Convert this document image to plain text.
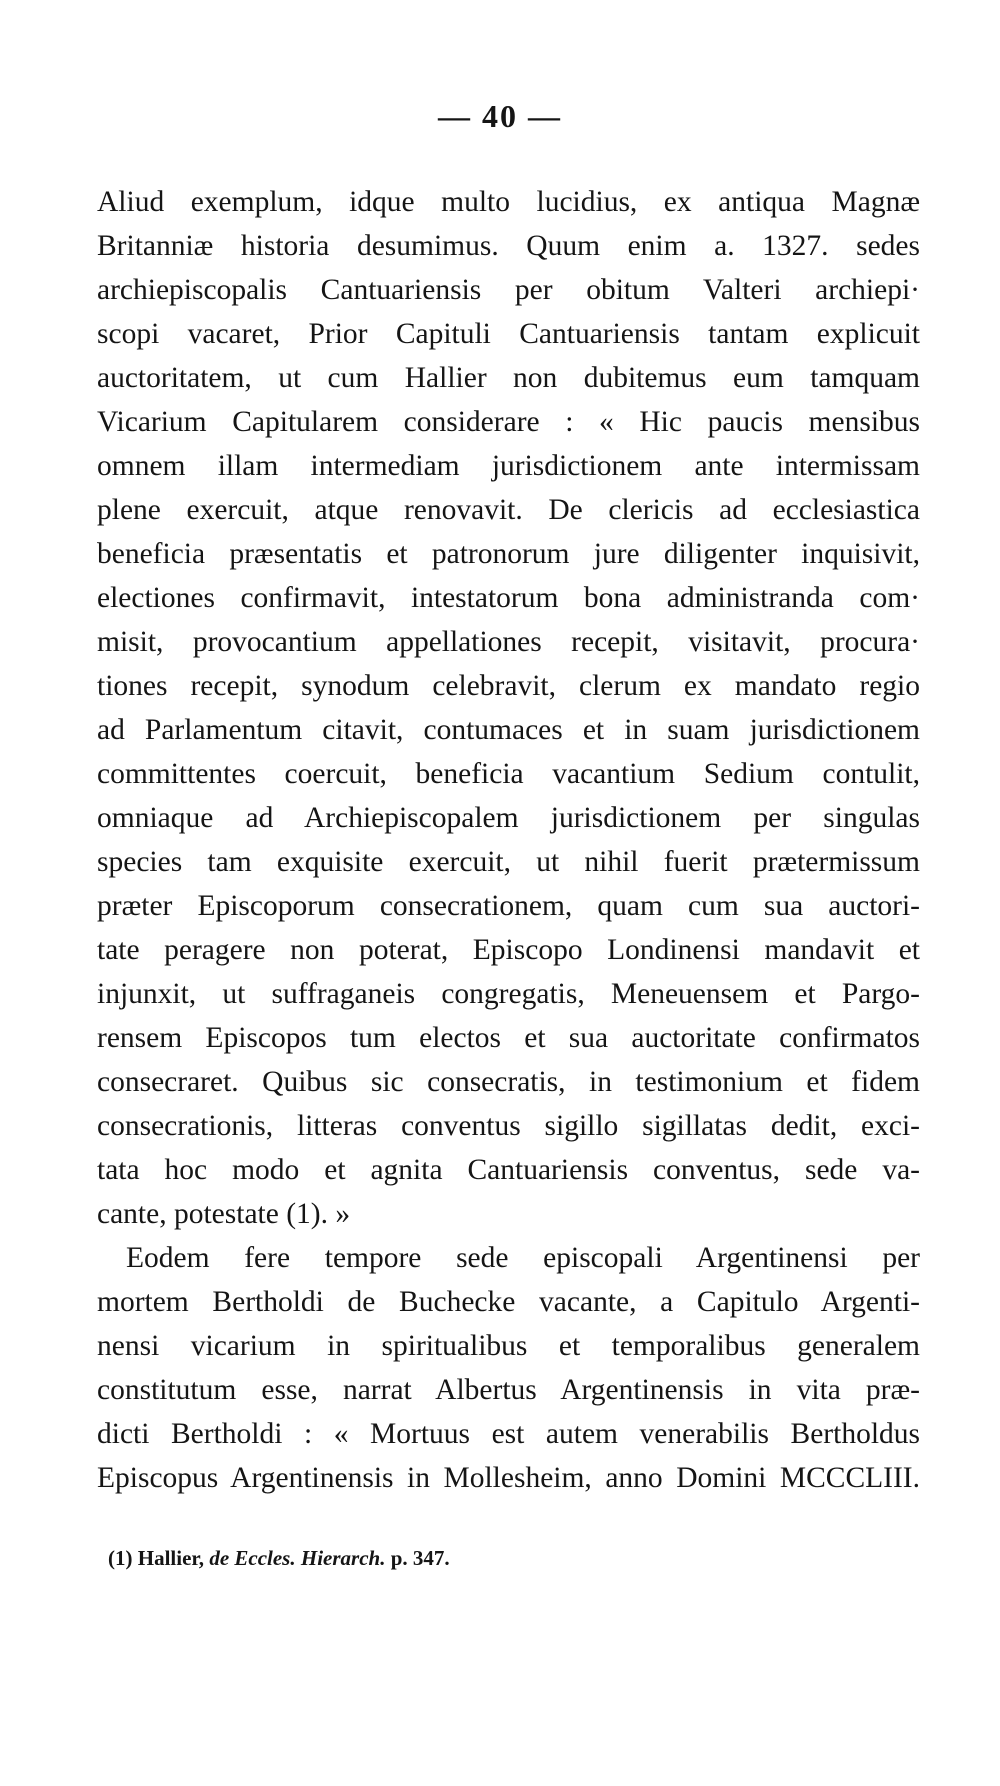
— 40 —
Aliud exemplum, idque multo lucidius, ex antiqua Magnæ
Britanniæ historia desumimus. Quum enim a. 1327. sedes
archiepiscopalis Cantuariensis per obitum Valteri archiepi·
scopi vacaret, Prior Capituli Cantuariensis tantam explicuit
auctoritatem, ut cum Hallier non dubitemus eum tamquam
Vicarium Capitularem considerare : « Hic paucis mensibus
omnem illam intermediam jurisdictionem ante intermissam
plene exercuit, atque renovavit. De clericis ad ecclesiastica
beneficia præsentatis et patronorum jure diligenter inquisivit,
electiones confirmavit, intestatorum bona administranda com·
misit, provocantium appellationes recepit, visitavit, procura·
tiones recepit, synodum celebravit, clerum ex mandato regio
ad Parlamentum citavit, contumaces et in suam jurisdictionem
committentes coercuit, beneficia vacantium Sedium contulit,
omniaque ad Archiepiscopalem jurisdictionem per singulas
species tam exquisite exercuit, ut nihil fuerit prætermissum
præter Episcoporum consecrationem, quam cum sua auctori-
tate peragere non poterat, Episcopo Londinensi mandavit et
injunxit, ut suffraganeis congregatis, Meneuensem et Pargo-
rensem Episcopos tum electos et sua auctoritate confirmatos
consecraret. Quibus sic consecratis, in testimonium et fidem
consecrationis, litteras conventus sigillo sigillatas dedit, exci-
tata hoc modo et agnita Cantuariensis conventus, sede va-
cante, potestate (1). »
Eodem fere tempore sede episcopali Argentinensi per
mortem Bertholdi de Buchecke vacante, a Capitulo Argenti-
nensi vicarium in spiritualibus et temporalibus generalem
constitutum esse, narrat Albertus Argentinensis in vita præ-
dicti Bertholdi : « Mortuus est autem venerabilis Bertholdus
Episcopus Argentinensis in Mollesheim, anno Domini MCCCLIII.
(1) Hallier, de Eccles. Hierarch. p. 347.
